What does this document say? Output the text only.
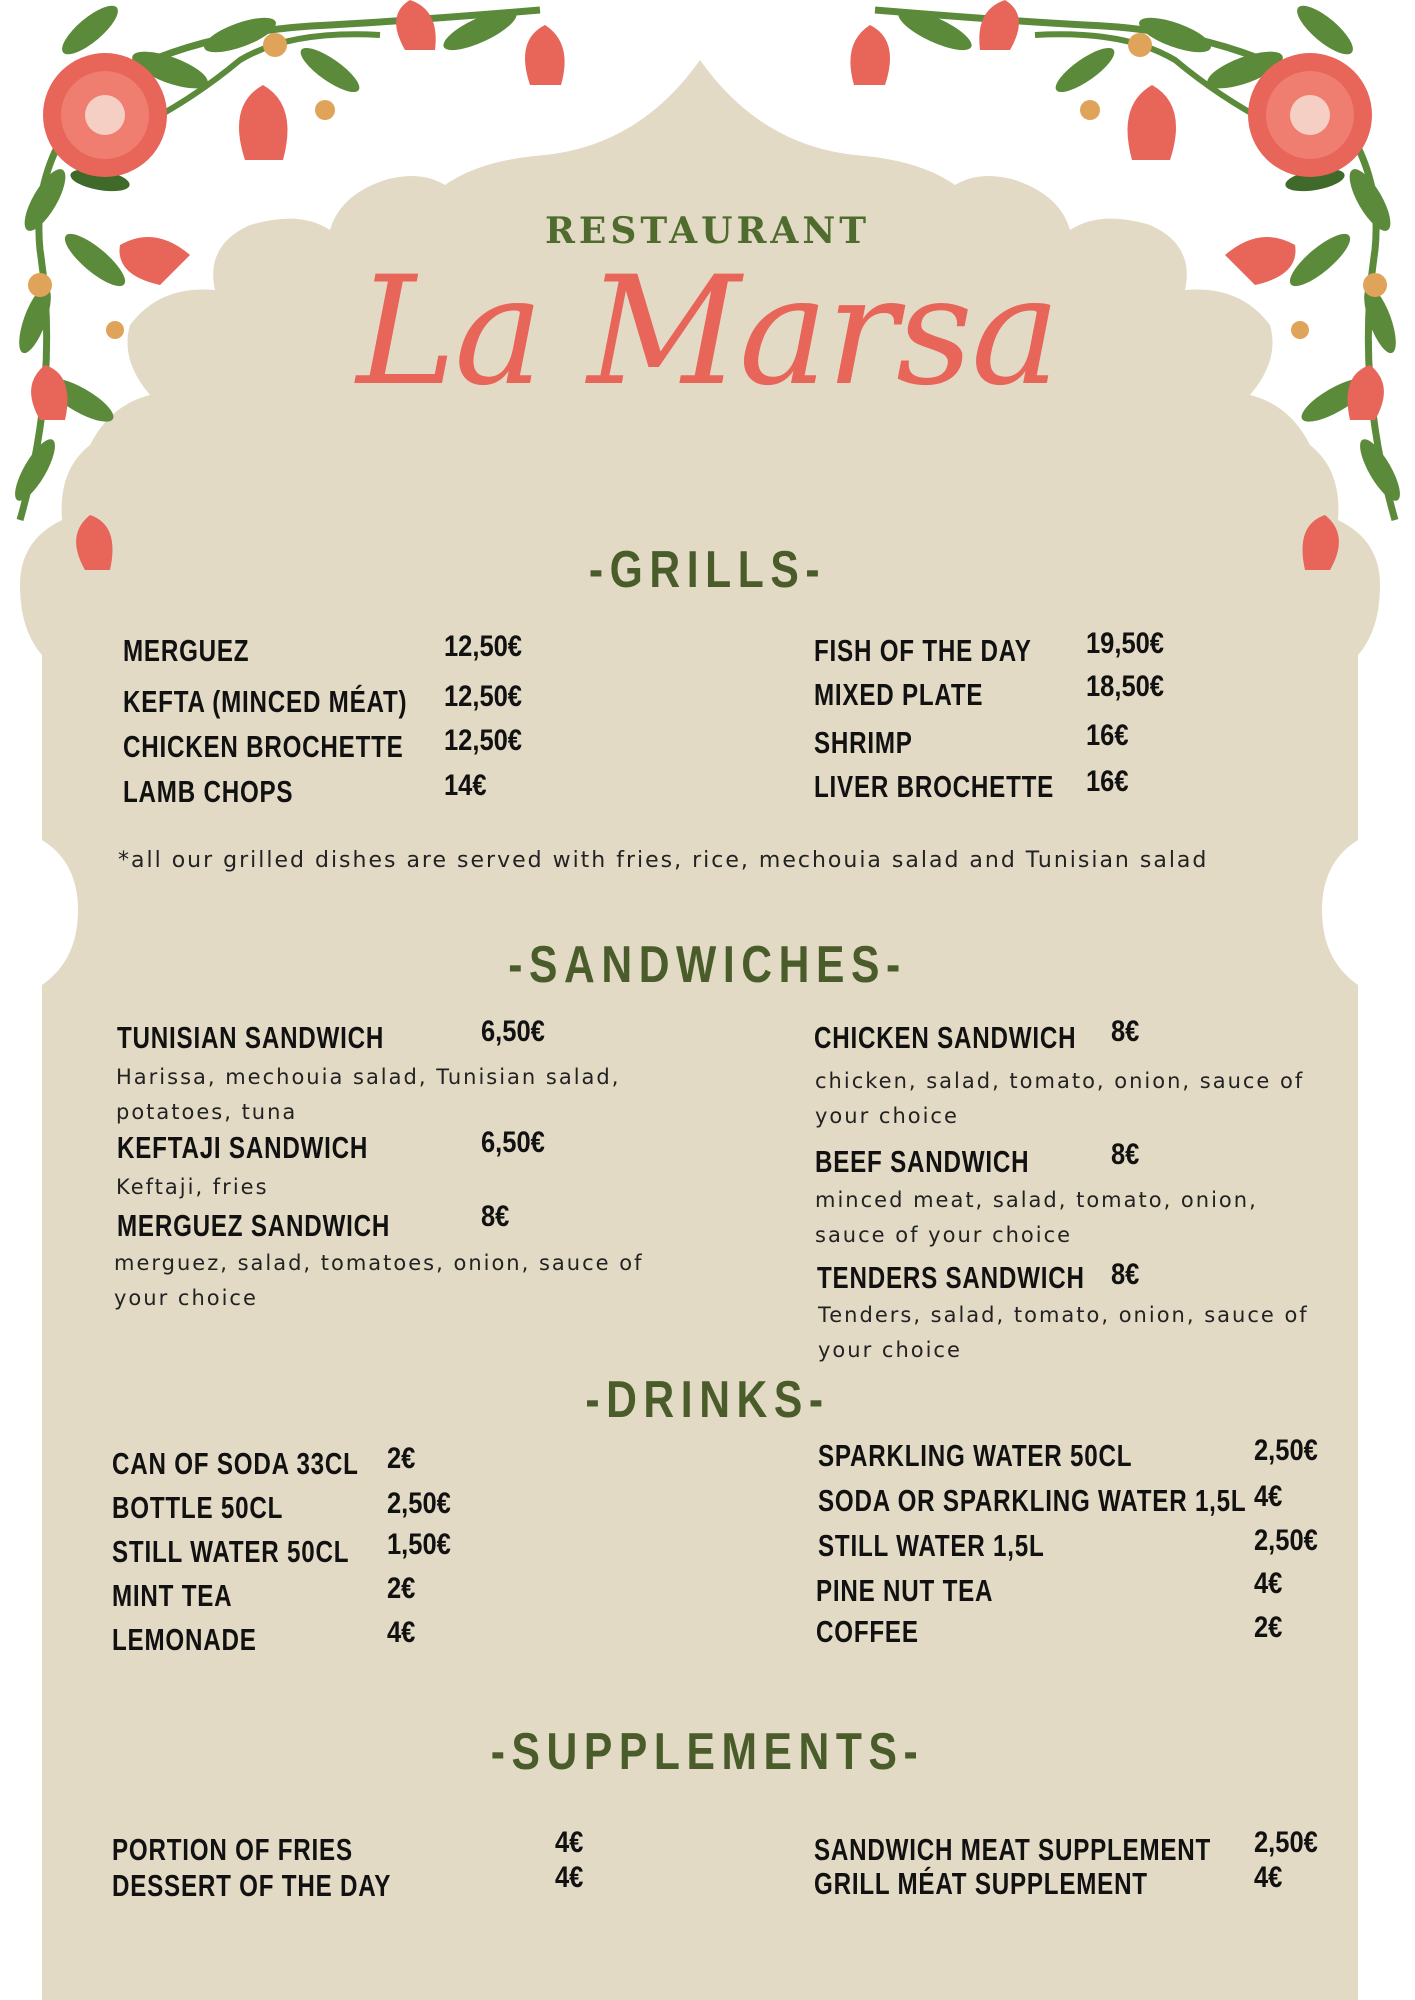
RESTAURANT
La Marsa
-GRILLS-
MERGUEZ	12,50€
KEFTA (MINCED MÉAT) 12,50€
CHICKEN BROCHETTE 12,50€
LAMB CHOPS	14€
FISH OF THE DAY 19,50€
MIXED PLATE	18,50€
SHRIMP	16€
LIVER BROCHETTE 16€
*all our grilled dishes are served with fries, rice, mechouia salad and Tunisian salad
-SANDWICHES-
TUNISIAN SANDWICH	6,50€
Harissa, mechouia salad, Tunisian salad, potatoes, tuna
KEFTAJI SANDWICH	6,50€
Keftaji, fries
MERGUEZ SANDWICH	8€
merguez, salad, tomatoes, onion, sauce of your choice
CHICKEN SANDWICH 8€
chicken, salad, tomato, onion, sauce of your choice
BEEF SANDWICH	8€
minced meat, salad, tomato, onion, sauce of your choice
TENDERS SANDWICH 8€
Tenders, salad, tomato, onion, sauce of your choice
-DRINKS-
CAN OF SODA 33CL 2€
BOTTLE 50CL	2,50€
STILL WATER 50CL 1,50€
MINT TEA	2€
LEMONADE	4€
SPARKLING WATER 50CL	2,50€
SODA OR SPARKLING WATER 1,5L 4€
STILL WATER 1,5L	2,50€
PINE NUT TEA	4€
COFFEE	2€
-SUPPLEMENTS-
PORTION OF FRIES	4€
DESSERT OF THE DAY	4€
SANDWICH MEAT SUPPLEMENT 2,50€
GRILL MÉAT SUPPLEMENT	4€
